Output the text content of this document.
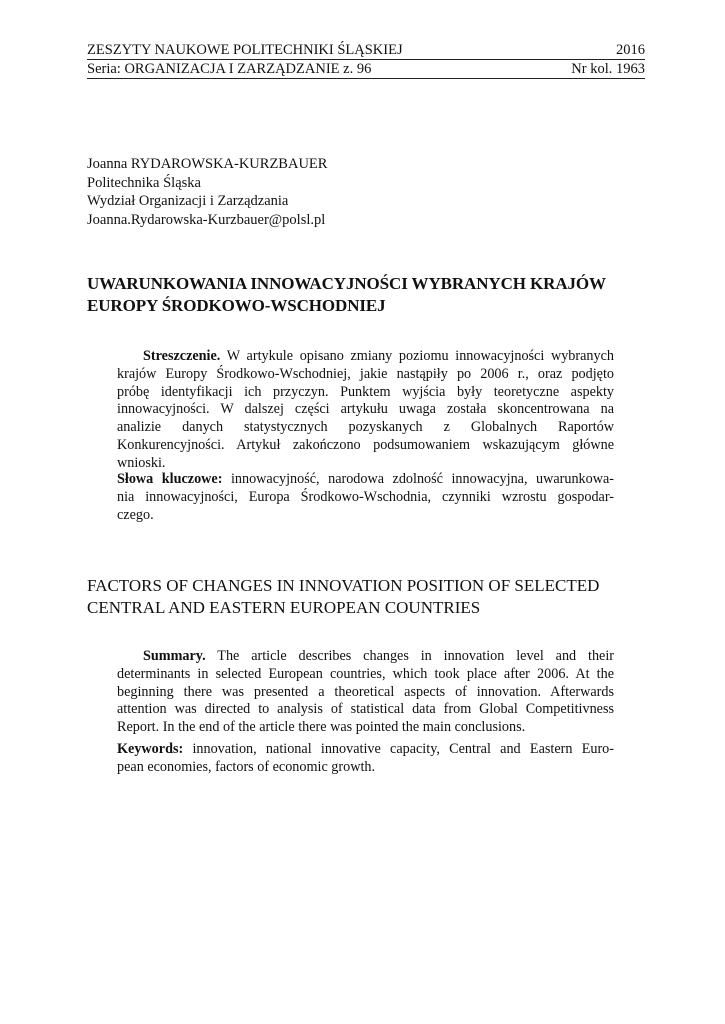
ZESZYTY NAUKOWE POLITECHNIKI ŚLĄSKIEJ	2016
Seria: ORGANIZACJA I ZARZĄDZANIE z. 96	Nr kol. 1963
Joanna RYDAROWSKA-KURZBAUER
Politechnika Śląska
Wydział Organizacji i Zarządzania
Joanna.Rydarowska-Kurzbauer@polsl.pl
UWARUNKOWANIA INNOWACYJNOŚCI WYBRANYCH KRAJÓW
EUROPY ŚRODKOWO-WSCHODNIEJ

Streszczenie. W artykule opisano zmiany poziomu innowacyjności wybranych

krajów Europy Środkowo-Wschodniej, jakie nastąpiły po 2006 r., oraz podjęto

próbę identyfikacji ich przyczyn. Punktem wyjścia były teoretyczne aspekty

innowacyjności. W dalszej części artykułu uwaga została skoncentrowana na

analizie danych statystycznych pozyskanych z Globalnych Raportów

Konkurencyjności. Artykuł zakończono podsumowaniem wskazującym główne

wnioski.

Słowa kluczowe: innowacyjność, narodowa zdolność innowacyjna, uwarunkowa-

nia innowacyjności, Europa Środkowo-Wschodnia, czynniki wzrostu gospodar-

czego.

FACTORS OF CHANGES IN INNOVATION POSITION OF SELECTED
CENTRAL AND EASTERN EUROPEAN COUNTRIES

Summary. The article describes changes in innovation level and their

determinants in selected European countries, which took place after 2006. At the

beginning there was presented a theoretical aspects of innovation. Afterwards

attention was directed to analysis of statistical data from Global Competitivness

Report. In the end of the article there was pointed the main conclusions.

Keywords: innovation, national innovative capacity, Central and Eastern Euro-

pean economies, factors of economic growth.
